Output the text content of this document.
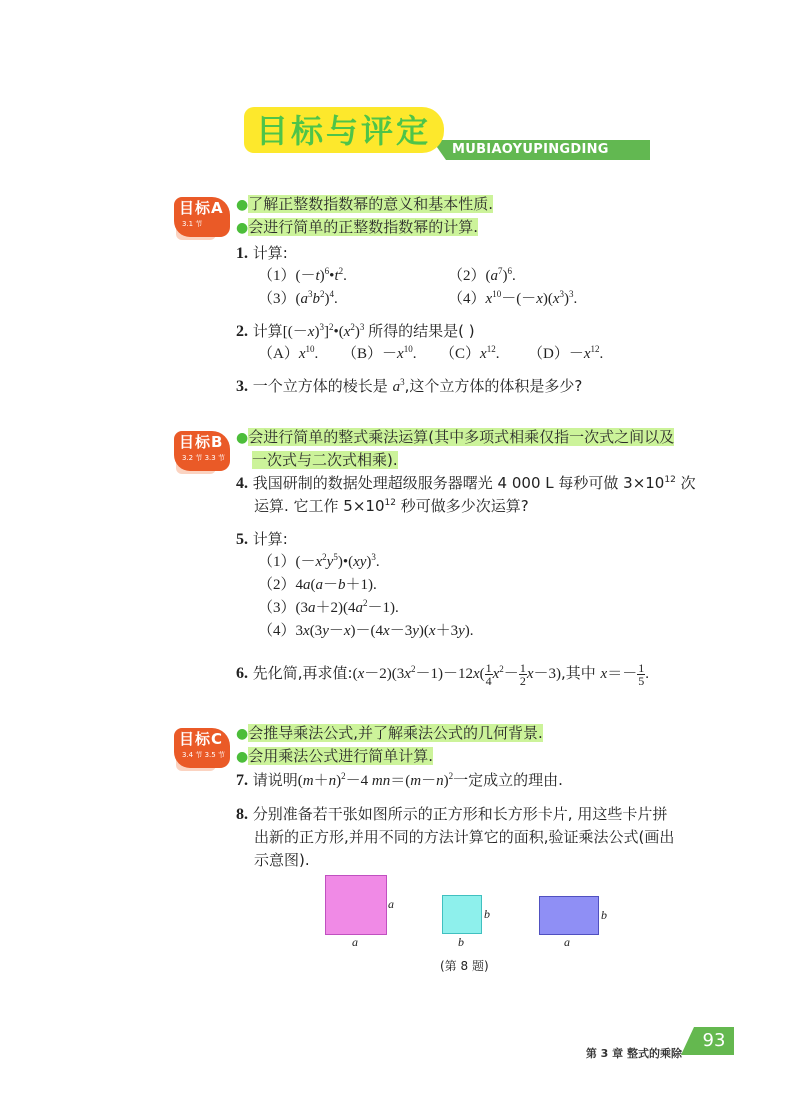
目标与评定 MUBIAOYUPINGDING
目标A
3.1 节
●了解正整数指数幂的意义和基本性质.
●会进行简单的正整数指数幂的计算.
1. 计算:
$(1)(-t)^6•t^2$.	$(2)(a^7)^6$.
$(3)(a^3b^2)^4$.	$(4)x^{10}-(-x)(x^3)^3$.
2. 计算$[(-x)^3]^2•(x^2)^3$ 所得的结果是( )
$(A)x^{10}$. $(B)-x^{10}$. $(C)x^{12}$. $(D)-x^{12}$.
3. 一个立方体的棱长是 $a^3$,这个立方体的体积是多少?
目标B
3.2 节 3.3 节
●会进行简单的整式乘法运算(其中多项式相乘仅指一次式之间以及
一次式与二次式相乘).
4. 我国研制的数据处理超级服务器曙光 4 000 L 每秒可做 $3\times 10^{12}$ 次
运算. 它工作 $5\times 10^{12}$ 秒可做多少次运算?
5. 计算:
$(1)(-x^2y^5)•(xy)^3$.
（2）4a(a－b＋1).
$(3)(3a+2)(4a^2-1)$.
（4）3x(3y－x)－(4x－3y)(x＋3y).
6. 先化简,再求值$:(x-2)(3x^2-1)-12x( \frac{1}{4} x^2- \frac{1}{2} x-3)$,其中 $x=- \frac{1}{5}$ .
目标C
3.4 节 3.5 节
●会推导乘法公式,并了解乘法公式的几何背景.
●会用乘法公式进行简单计算.
7. 请说明$(m+n)^2-4$ $mn=(m-n)^2$一定成立的理由.
8. 分别准备若干张如图所示的正方形和长方形卡片, 用这些卡片拼
出新的正方形,并用不同的方法计算它的面积,验证乘法公式(画出
示意图).
a
a
b
b
b
a
(第 8 题)
第 3 章 整式的乘除
93
